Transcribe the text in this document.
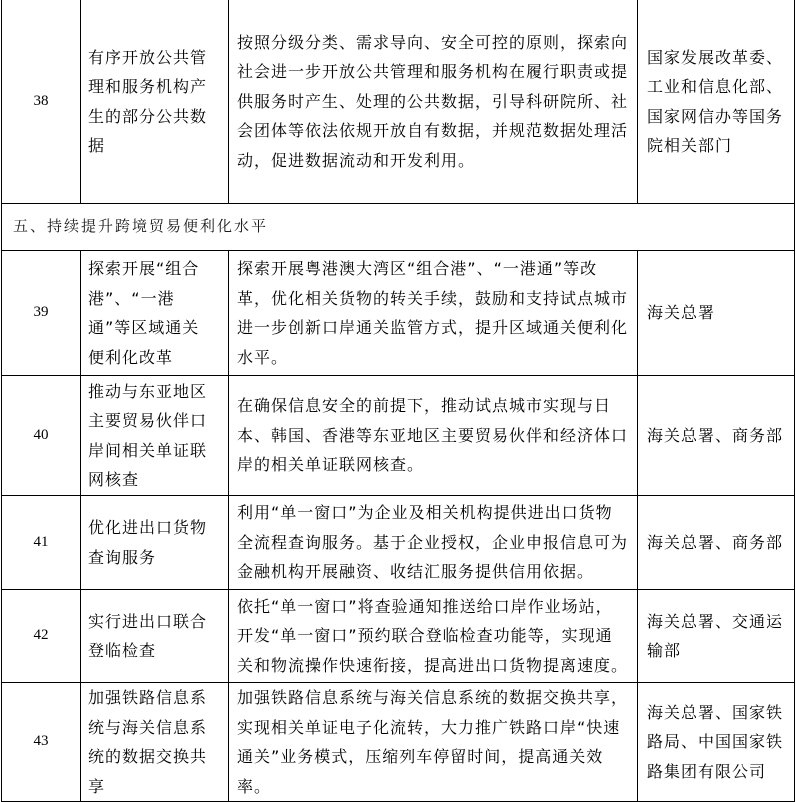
38	有序开放公共管
理和服务机构产
生的部分公共数
据	按照分级分类、需求导向、安全可控的原则，探索向
社会进一步开放公共管理和服务机构在履行职责或提
供服务时产生、处理的公共数据，引导科研院所、社
会团体等依法依规开放自有数据，并规范数据处理活
动，促进数据流动和开发利用。	国家发展改革委、
工业和信息化部、
国家网信办等国务
院相关部门

五、持续提升跨境贸易便利化水平			
39	探索开展“组合
港”、“一港
通”等区域通关
便利化改革	探索开展粤港澳大湾区“组合港”、“一港通”等改
革，优化相关货物的转关手续，鼓励和支持试点城市
进一步创新口岸通关监管方式，提升区域通关便利化
水平。	海关总署

40	推动与东亚地区
主要贸易伙伴口
岸间相关单证联
网核查	在确保信息安全的前提下，推动试点城市实现与日
本、韩国、香港等东亚地区主要贸易伙伴和经济体口
岸的相关单证联网核查。	海关总署、商务部

41	优化进出口货物
查询服务	利用“单一窗口”为企业及相关机构提供进出口货物
全流程查询服务。基于企业授权，企业申报信息可为
金融机构开展融资、收结汇服务提供信用依据。	海关总署、商务部

42	实行进出口联合
登临检查	依托“单一窗口”将查验通知推送给口岸作业场站，
开发“单一窗口”预约联合登临检查功能等，实现通
关和物流操作快速衔接，提高进出口货物提离速度。	海关总署、交通运
输部

43	加强铁路信息系
统与海关信息系
统的数据交换共
享	加强铁路信息系统与海关信息系统的数据交换共享，
实现相关单证电子化流转，大力推广铁路口岸“快速
通关”业务模式，压缩列车停留时间，提高通关效
率。	海关总署、国家铁
路局、中国国家铁
路集团有限公司
